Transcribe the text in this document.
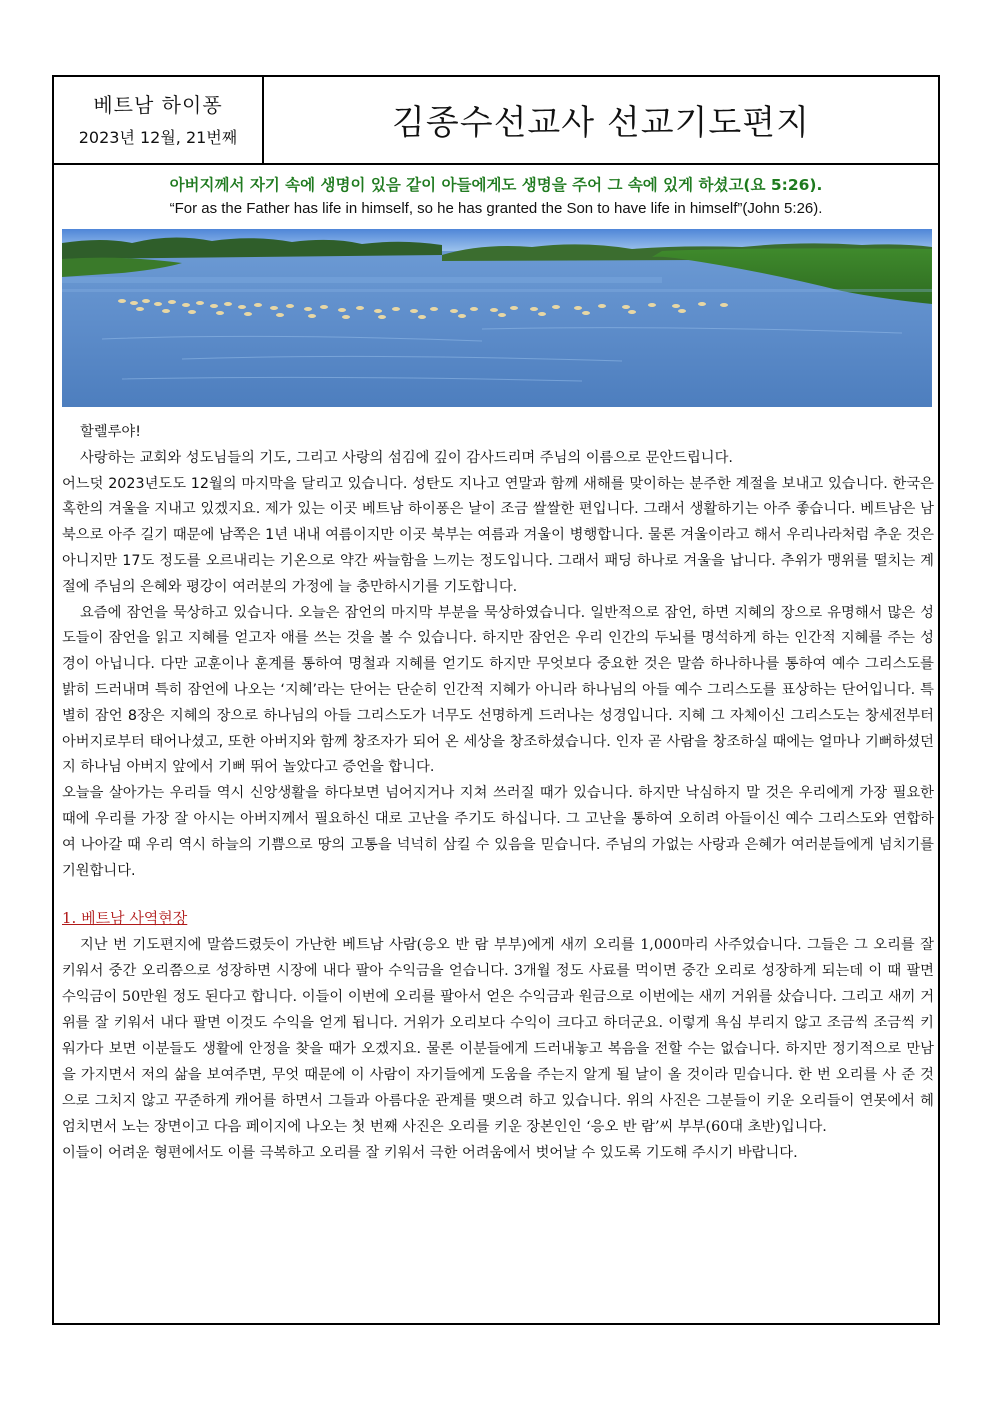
베트남 하이퐁
2023년 12월, 21번째	김종수선교사 선교기도편지
아버지께서 자기 속에 생명이 있음 같이 아들에게도 생명을 주어 그 속에 있게 하셨고(요 5:26).
“For as the Father has life in himself, so he has granted the Son to have life in himself”(John 5:26).

할렐루야!

사랑하는 교회와 성도님들의 기도, 그리고 사랑의 섬김에 깊이 감사드리며 주님의 이름으로 문안드립니다.

어느덧 2023년도도 12월의 마지막을 달리고 있습니다. 성탄도 지나고 연말과 함께 새해를 맞이하는 분주한 계절을 보내고 있습니다. 한국은 혹한의 겨울을 지내고 있겠지요. 제가 있는 이곳 베트남 하이퐁은 날이 조금 쌀쌀한 편입니다. 그래서 생활하기는 아주 좋습니다. 베트남은 남북으로 아주 길기 때문에 남쪽은 1년 내내 여름이지만 이곳 북부는 여름과 겨울이 병행합니다. 물론 겨울이라고 해서 우리나라처럼 추운 것은 아니지만 17도 정도를 오르내리는 기온으로 약간 싸늘함을 느끼는 정도입니다. 그래서 패딩 하나로 겨울을 납니다. 추위가 맹위를 떨치는 계절에 주님의 은혜와 평강이 여러분의 가정에 늘 충만하시기를 기도합니다.

요즘에 잠언을 묵상하고 있습니다. 오늘은 잠언의 마지막 부분을 묵상하였습니다. 일반적으로 잠언, 하면 지혜의 장으로 유명해서 많은 성도들이 잠언을 읽고 지혜를 얻고자 애를 쓰는 것을 볼 수 있습니다. 하지만 잠언은 우리 인간의 두뇌를 명석하게 하는 인간적 지혜를 주는 성경이 아닙니다. 다만 교훈이나 훈계를 통하여 명철과 지혜를 얻기도 하지만 무엇보다 중요한 것은 말씀 하나하나를 통하여 예수 그리스도를 밝히 드러내며 특히 잠언에 나오는 ‘지혜’라는 단어는 단순히 인간적 지혜가 아니라 하나님의 아들 예수 그리스도를 표상하는 단어입니다. 특별히 잠언 8장은 지혜의 장으로 하나님의 아들 그리스도가 너무도 선명하게 드러나는 성경입니다. 지혜 그 자체이신 그리스도는 창세전부터 아버지로부터 태어나셨고, 또한 아버지와 함께 창조자가 되어 온 세상을 창조하셨습니다. 인자 곧 사람을 창조하실 때에는 얼마나 기뻐하셨던지 하나님 아버지 앞에서 기뻐 뛰어 놀았다고 증언을 합니다.

오늘을 살아가는 우리들 역시 신앙생활을 하다보면 넘어지거나 지쳐 쓰러질 때가 있습니다. 하지만 낙심하지 말 것은 우리에게 가장 필요한 때에 우리를 가장 잘 아시는 아버지께서 필요하신 대로 고난을 주기도 하십니다. 그 고난을 통하여 오히려 아들이신 예수 그리스도와 연합하여 나아갈 때 우리 역시 하늘의 기쁨으로 땅의 고통을 넉넉히 삼킬 수 있음을 믿습니다. 주님의 가없는 사랑과 은혜가 여러분들에게 넘치기를 기원합니다.

1. 베트남 사역현장

지난 번 기도편지에 말씀드렸듯이 가난한 베트남 사람(응오 반 람 부부)에게 새끼 오리를 1,000마리 사주었습니다. 그들은 그 오리를 잘 키워서 중간 오리쯤으로 성장하면 시장에 내다 팔아 수익금을 얻습니다. 3개월 정도 사료를 먹이면 중간 오리로 성장하게 되는데 이 때 팔면 수익금이 50만원 정도 된다고 합니다. 이들이 이번에 오리를 팔아서 얻은 수익금과 원금으로 이번에는 새끼 거위를 샀습니다. 그리고 새끼 거위를 잘 키워서 내다 팔면 이것도 수익을 얻게 됩니다. 거위가 오리보다 수익이 크다고 하더군요. 이렇게 욕심 부리지 않고 조금씩 조금씩 키워가다 보면 이분들도 생활에 안정을 찾을 때가 오겠지요. 물론 이분들에게 드러내놓고 복음을 전할 수는 없습니다. 하지만 정기적으로 만남을 가지면서 저의 삶을 보여주면, 무엇 때문에 이 사람이 자기들에게 도움을 주는지 알게 될 날이 올 것이라 믿습니다. 한 번 오리를 사 준 것으로 그치지 않고 꾸준하게 캐어를 하면서 그들과 아름다운 관계를 맺으려 하고 있습니다. 위의 사진은 그분들이 키운 오리들이 연못에서 헤엄치면서 노는 장면이고 다음 페이지에 나오는 첫 번째 사진은 오리를 키운 장본인인 ‘응오 반 람’씨 부부(60대 초반)입니다.

이들이 어려운 형편에서도 이를 극복하고 오리를 잘 키워서 극한 어려움에서 벗어날 수 있도록 기도해 주시기 바랍니다.
